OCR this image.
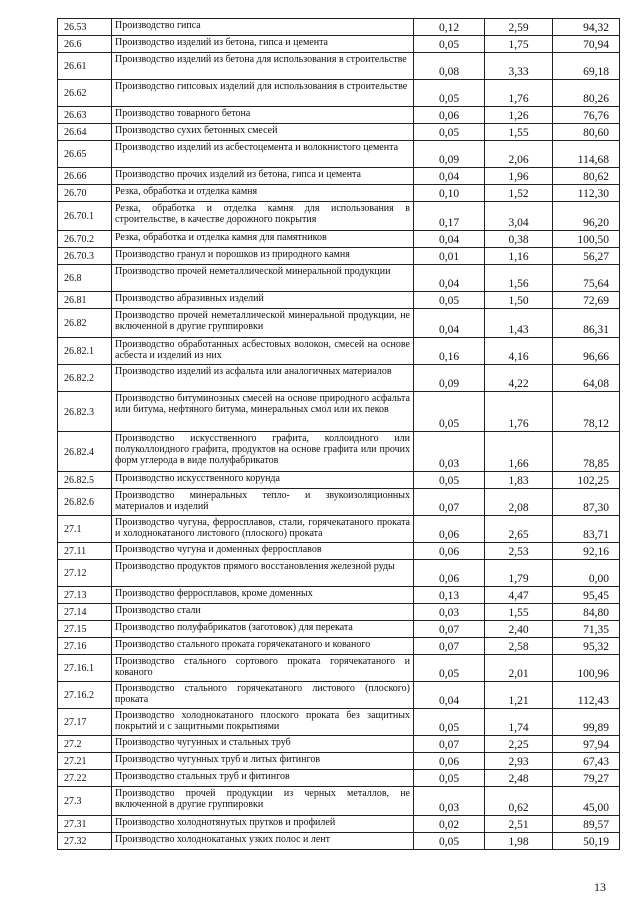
26.53	Производство гипса	0,12	2,59	94,32
26.6	Производство изделий из бетона, гипса и цемента	0,05	1,75	70,94
26.61	Производство изделий из бетона для использования в строительстве	0,08	3,33	69,18
26.62	Производство гипсовых изделий для использования в строительстве	0,05	1,76	80,26
26.63	Производство товарного бетона	0,06	1,26	76,76
26.64	Производство сухих бетонных смесей	0,05	1,55	80,60
26.65	Производство изделий из асбестоцемента и волокнистого цемента	0,09	2,06	114,68
26.66	Производство прочих изделий из бетона, гипса и цемента	0,04	1,96	80,62
26.70	Резка, обработка и отделка камня	0,10	1,52	112,30
26.70.1	Резка, обработка и отделка камня для использования в строительстве, в качестве дорожного покрытия	0,17	3,04	96,20
26.70.2	Резка, обработка и отделка камня для памятников	0,04	0,38	100,50
26.70.3	Производство гранул и порошков из природного камня	0,01	1,16	56,27
26.8	Производство прочей неметаллической минеральной продукции	0,04	1,56	75,64
26.81	Производство абразивных изделий	0,05	1,50	72,69
26.82	Производство прочей неметаллической минеральной продукции, не включенной в другие группировки	0,04	1,43	86,31
26.82.1	Производство обработанных асбестовых волокон, смесей на основе асбеста и изделий из них	0,16	4,16	96,66
26.82.2	Производство изделий из асфальта или аналогичных материалов	0,09	4,22	64,08
26.82.3	Производство битуминозных смесей на основе природного асфальта или битума, нефтяного битума, минеральных смол или их пеков	0,05	1,76	78,12
26.82.4	Производство искусственного графита, коллоидного или полуколлоидного графита, продуктов на основе графита или прочих форм углерода в виде полуфабрикатов	0,03	1,66	78,85
26.82.5	Производство искусственного корунда	0,05	1,83	102,25
26.82.6	Производство минеральных тепло- и звукоизоляционных материалов и изделий	0,07	2,08	87,30
27.1	Производство чугуна, ферросплавов, стали, горячекатаного проката и холоднокатаного листового (плоского) проката	0,06	2,65	83,71
27.11	Производство чугуна и доменных ферросплавов	0,06	2,53	92,16
27.12	Производство продуктов прямого восстановления железной руды	0,06	1,79	0,00
27.13	Производство ферросплавов, кроме доменных	0,13	4,47	95,45
27.14	Производство стали	0,03	1,55	84,80
27.15	Производство полуфабрикатов (заготовок) для переката	0,07	2,40	71,35
27.16	Производство стального проката горячекатаного и кованого	0,07	2,58	95,32
27.16.1	Производство стального сортового проката горячекатаного и кованого	0,05	2,01	100,96
27.16.2	Производство стального горячекатаного листового (плоского) проката	0,04	1,21	112,43
27.17	Производство холоднокатаного плоского проката без защитных покрытий и с защитными покрытиями	0,05	1,74	99,89
27.2	Производство чугунных и стальных труб	0,07	2,25	97,94
27.21	Производство чугунных труб и литых фитингов	0,06	2,93	67,43
27.22	Производство стальных труб и фитингов	0,05	2,48	79,27
27.3	Производство прочей продукции из черных металлов, не включенной в другие группировки	0,03	0,62	45,00
27.31	Производство холоднотянутых прутков и профилей	0,02	2,51	89,57
27.32	Производство холоднокатаных узких полос и лент	0,05	1,98	50,19
13
